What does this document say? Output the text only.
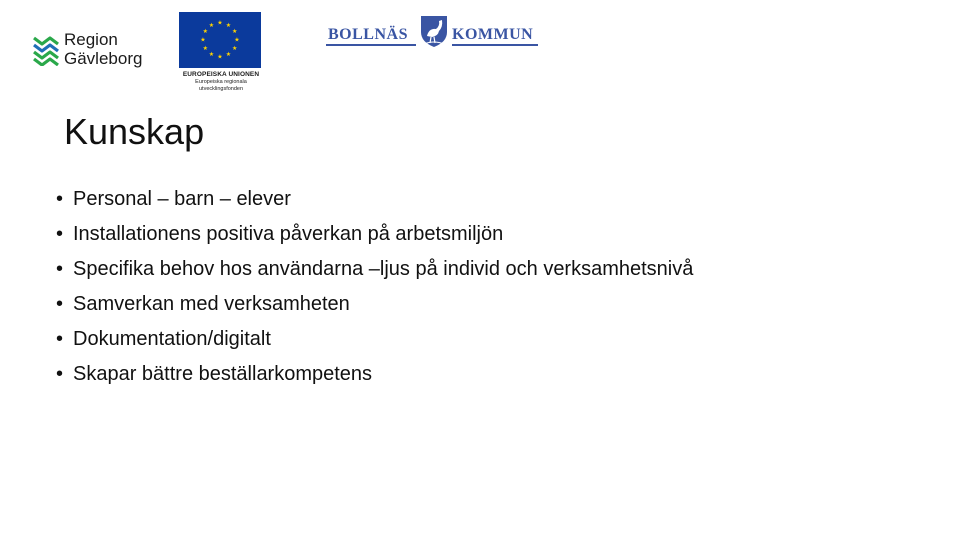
Region
Gävleborg
★ ★
★
★
★
★
★
★
★
★
★
★
EUROPEISKA UNIONEN
Europeiska regionala
utvecklingsfonden
BOLLNÄS	KOMMUN
Kunskap
• Personal – barn – elever
• Installationens positiva påverkan på arbetsmiljön
• Specifika behov hos användarna –ljus på individ och verksamhetsnivå
• Samverkan med verksamheten
• Dokumentation/digitalt
• Skapar bättre beställarkompetens
